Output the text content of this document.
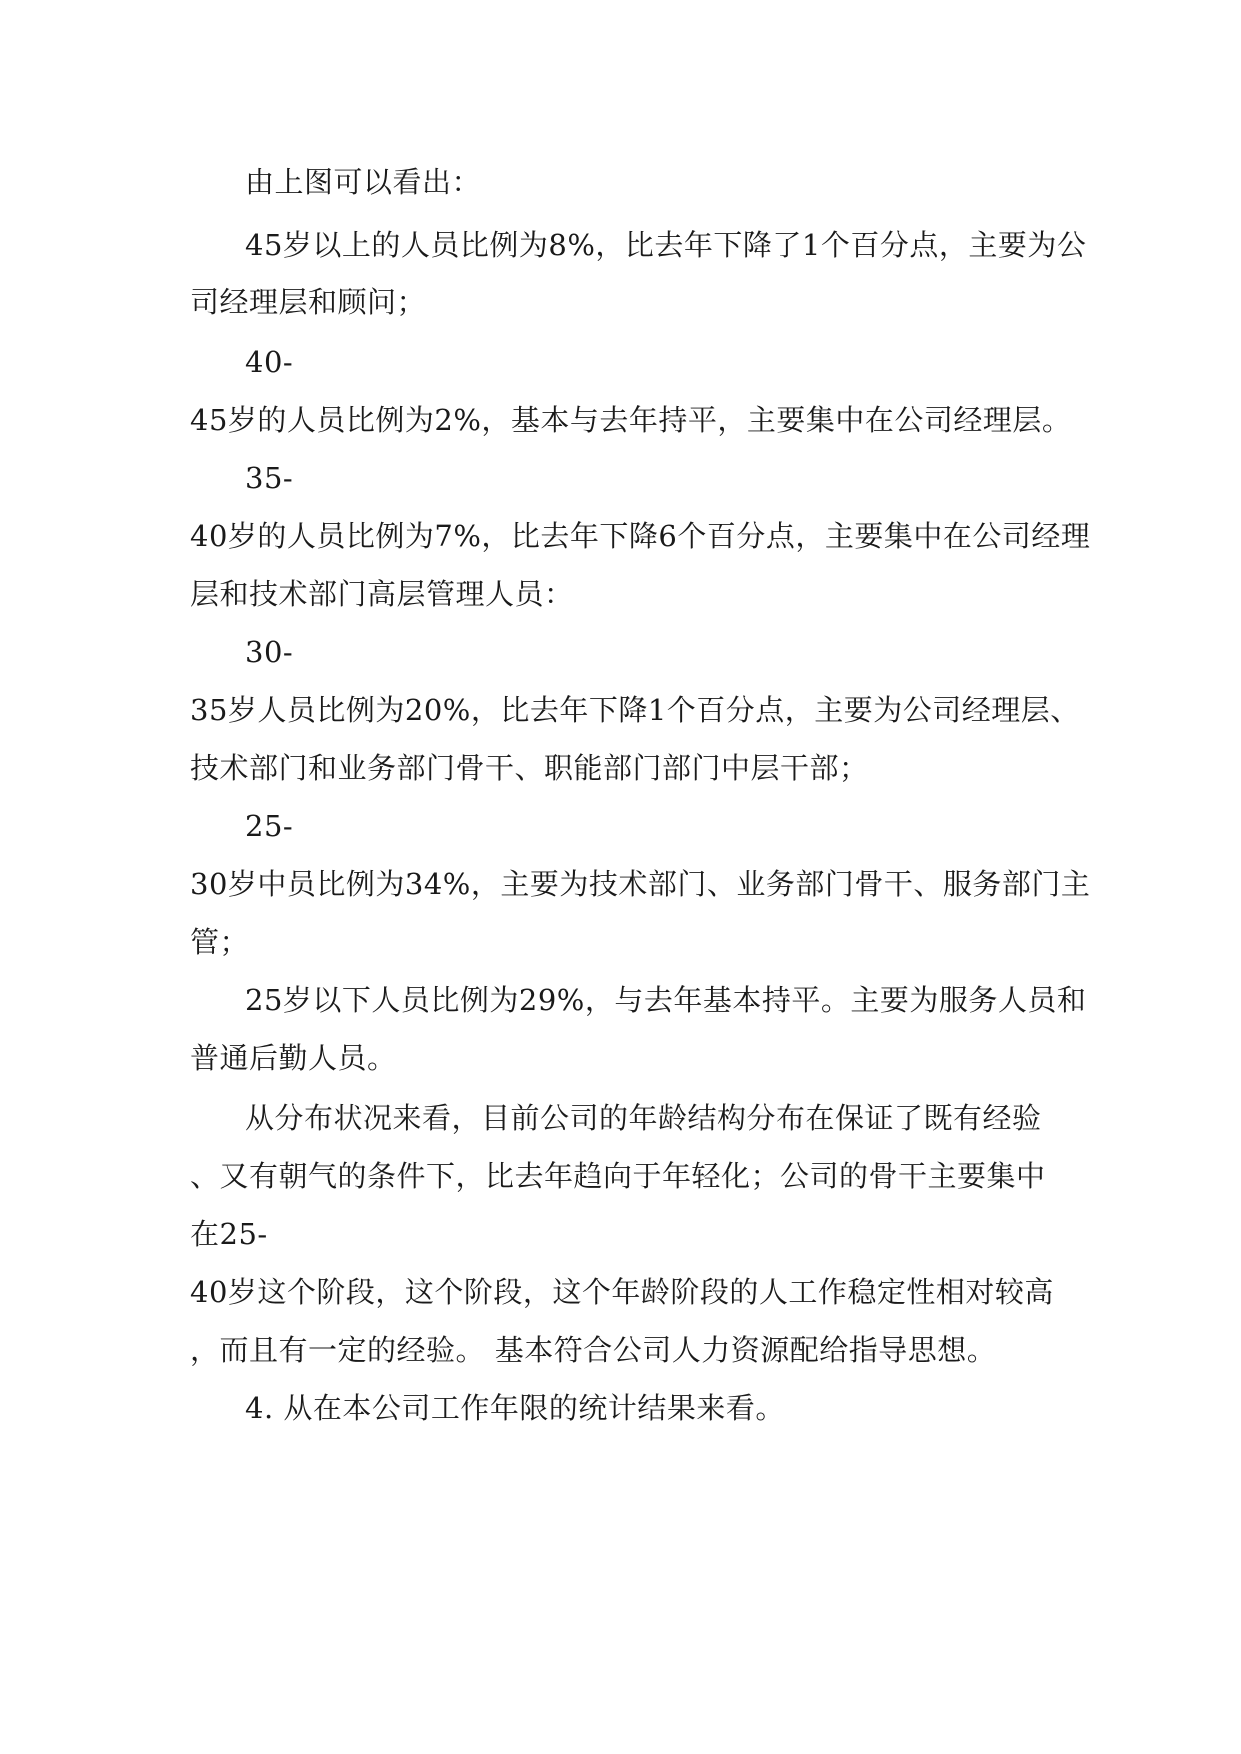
由上图可以看出：
45岁以上的人员比例为8%，比去年下降了1个百分点，主要为公
司经理层和顾问；
40-
45岁的人员比例为2%，基本与去年持平，主要集中在公司经理层。
35-
40岁的人员比例为7%，比去年下降6个百分点，主要集中在公司经理
层和技术部门高层管理人员：
30-
35岁人员比例为20%，比去年下降1个百分点，主要为公司经理层、
技术部门和业务部门骨干、职能部门部门中层干部；
25-
30岁中员比例为34%，主要为技术部门、业务部门骨干、服务部门主
管；
25岁以下人员比例为29%，与去年基本持平。主要为服务人员和
普通后勤人员。
从分布状况来看，目前公司的年龄结构分布在保证了既有经验
、又有朝气的条件下，比去年趋向于年轻化；公司的骨干主要集中
在25-
40岁这个阶段，这个阶段，这个年龄阶段的人工作稳定性相对较高
，而且有一定的经验。 基本符合公司人力资源配给指导思想。
4. 从在本公司工作年限的统计结果来看。
